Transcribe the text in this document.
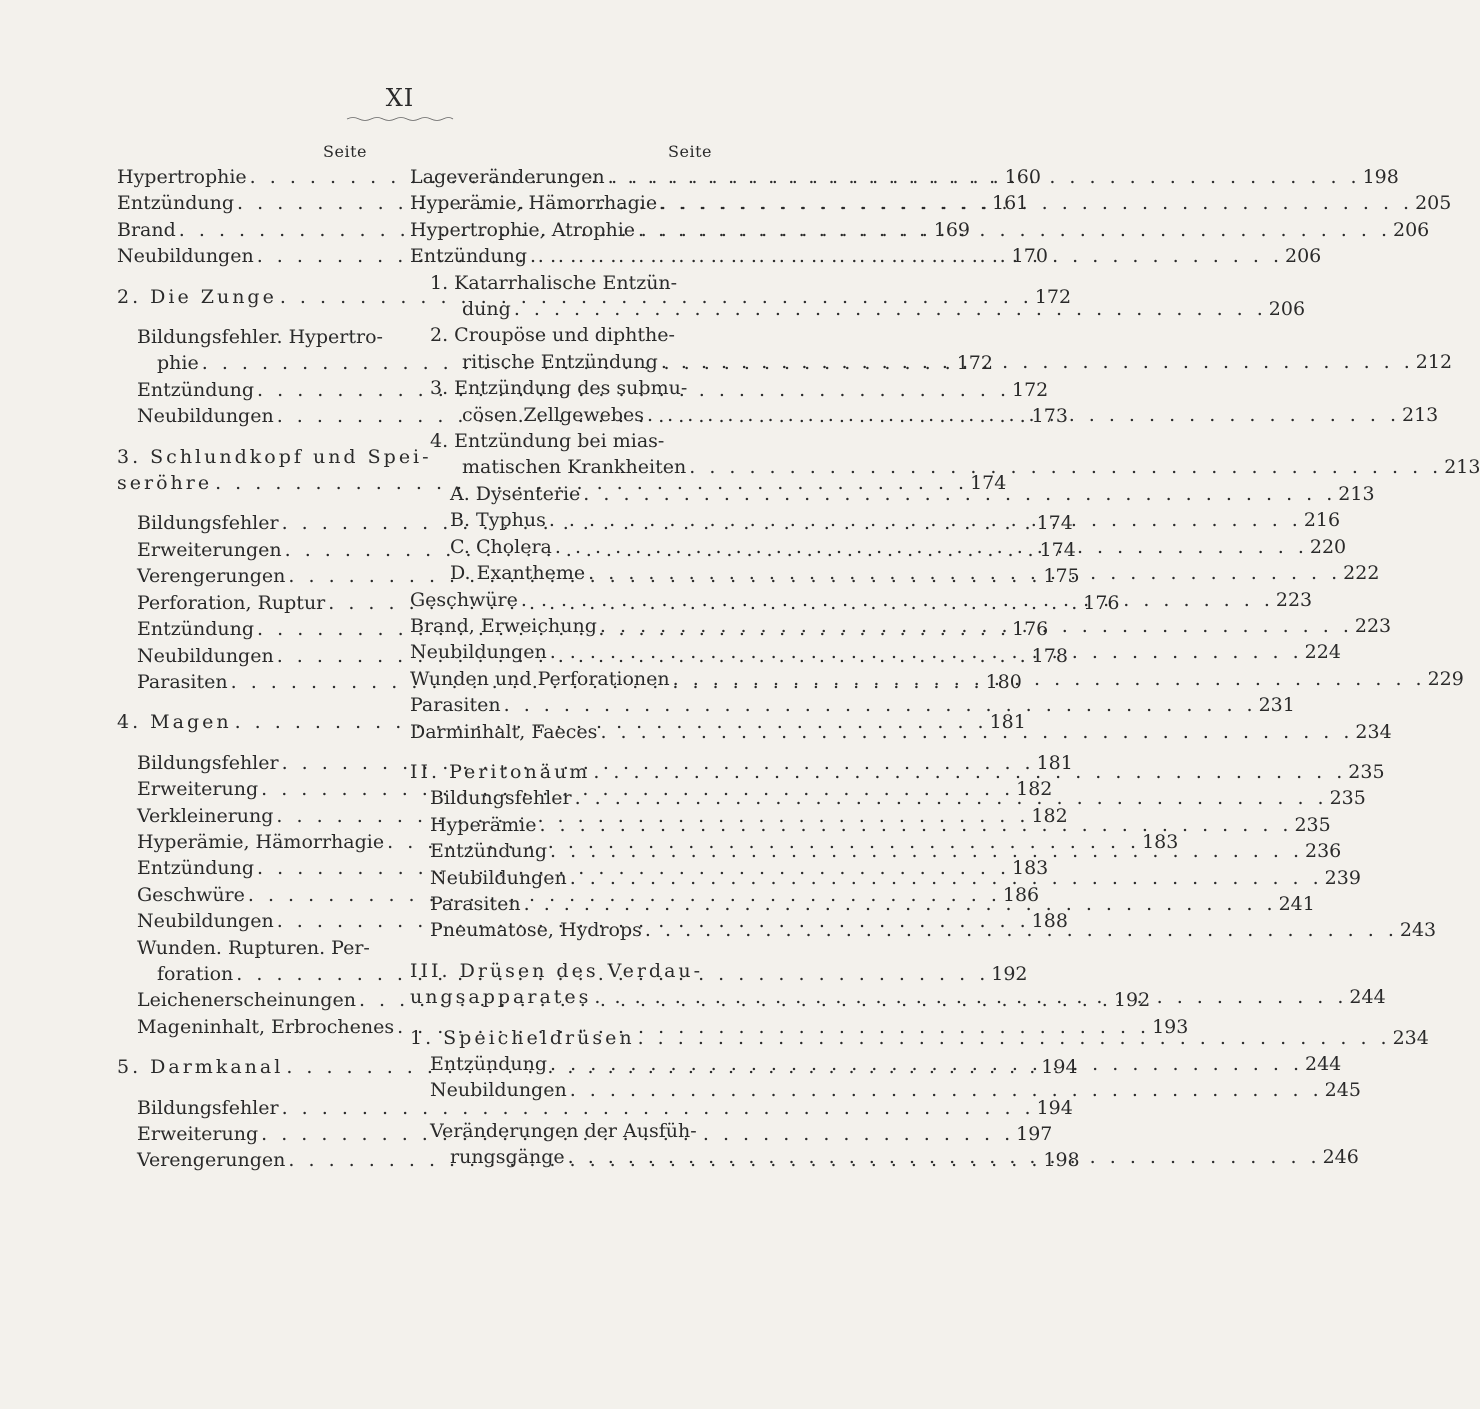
XI
Seite
Hypertrophie . . .	160
Entzündung . . .	161
Brand . . .	169
Neubildungen . . .	170
2. Die Zunge . . .	172
Bildungsfehler. Hypertro-
phie . . .	172
Entzündung . . .	172
Neubildungen . . .	173
3. Schlundkopf und Spei-
seröhre . . .	174
Bildungsfehler . . .	174
Erweiterungen . . .	174
Verengerungen . . .	175
Perforation, Ruptur . . .	176
Entzündung . . .	176
Neubildungen . . .	178
Parasiten . . .	180
4. Magen . . .	181
Bildungsfehler . . .	181
Erweiterung . . .	182
Verkleinerung . . .	182
Hyperämie, Hämorrhagie . . .	183
Entzündung . . .	183
Geschwüre . . .	186
Neubildungen . . .	188
Wunden. Rupturen. Per-
foration . . .	192
Leichenerscheinungen . . .	192
Mageninhalt, Erbrochenes . . .	193
5. Darmkanal . . .	194
Bildungsfehler . . .	194
Erweiterung . . .	197
Verengerungen . . .	198
Seite
Lageveränderungen . . .	198
Hyperämie, Hämorrhagie . . .	205
Hypertrophie, Atrophie . . .	206
Entzündung . . .	206
1. Katarrhalische Entzün-
dung . . .	206
2. Croupöse und diphthe-
ritische Entzündung . . .	212
3. Entzündung des submu-
cösen Zellgewebes . . .	213
4. Entzündung bei mias-
matischen Krankheiten . . .	213
A. Dysenterie . . .	213
B. Typhus . . .	216
C. Cholera . . .	220
D. Exantheme . . .	222
Geschwüre . . .	223
Brand, Erweichung . . .	223
Neubildungen . . .	224
Wunden und Perforationen . . .	229
Parasiten . . .	231
Darminhalt, Faeces . . .	234
II. Peritonäum . . .	235
Bildungsfehler . . .	235
Hyperämie . . .	235
Entzündung . . .	236
Neubildungen . . .	239
Parasiten . . .	241
Pneumatose, Hydrops . . .	243
III. Drüsen des Verdau-
ungsapparates . . .	244
1. Speicheldrüsen . . .	234
Entzündung . . .	244
Neubildungen . . .	245
Veränderungen der Ausfüh-
rungsgänge . . .	246
